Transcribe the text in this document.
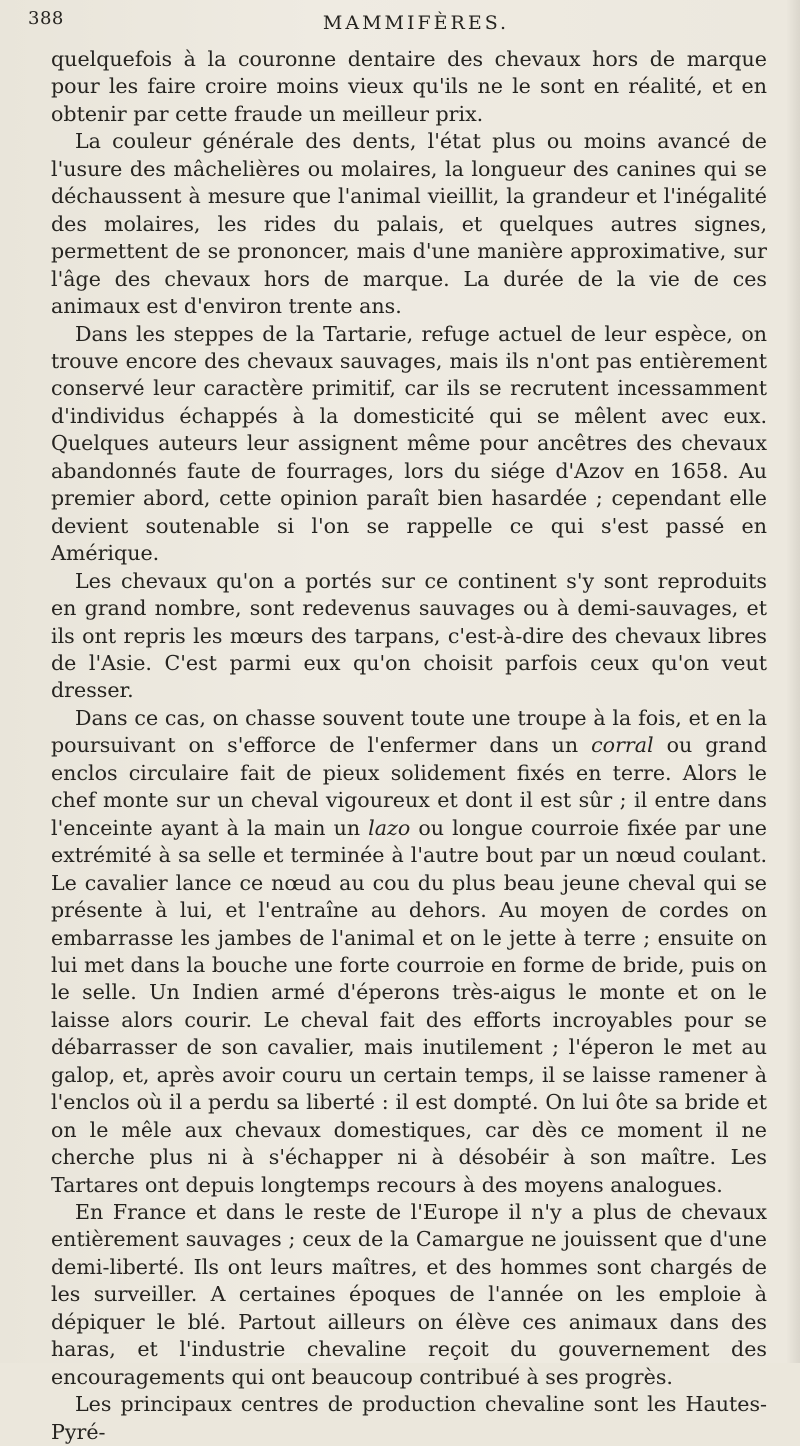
388	MAMMIFÈRES.

quelquefois à la couronne dentaire des chevaux hors de marque pour les faire croire moins vieux qu'ils ne le sont en réalité, et en obtenir par cette fraude un meilleur prix.

La couleur générale des dents, l'état plus ou moins avancé de l'usure des mâchelières ou molaires, la longueur des canines qui se déchaussent à mesure que l'animal vieillit, la grandeur et l'inégalité des molaires, les rides du palais, et quelques autres signes, permettent de se prononcer, mais d'une manière approximative, sur l'âge des chevaux hors de marque. La durée de la vie de ces animaux est d'environ trente ans.

Dans les steppes de la Tartarie, refuge actuel de leur espèce, on trouve encore des chevaux sauvages, mais ils n'ont pas entièrement conservé leur caractère primitif, car ils se recrutent incessamment d'individus échappés à la domesticité qui se mêlent avec eux. Quelques auteurs leur assignent même pour ancêtres des chevaux abandonnés faute de fourrages, lors du siége d'Azov en 1658. Au premier abord, cette opinion paraît bien hasardée ; cependant elle devient soutenable si l'on se rappelle ce qui s'est passé en Amérique.

Les chevaux qu'on a portés sur ce continent s'y sont reproduits en grand nombre, sont redevenus sauvages ou à demi-sauvages, et ils ont repris les mœurs des tarpans, c'est-à-dire des chevaux libres de l'Asie. C'est parmi eux qu'on choisit parfois ceux qu'on veut dresser.

Dans ce cas, on chasse souvent toute une troupe à la fois, et en la poursuivant on s'efforce de l'enfermer dans un corral ou grand enclos circulaire fait de pieux solidement fixés en terre. Alors le chef monte sur un cheval vigoureux et dont il est sûr ; il entre dans l'enceinte ayant à la main un lazo ou longue courroie fixée par une extrémité à sa selle et terminée à l'autre bout par un nœud coulant. Le cavalier lance ce nœud au cou du plus beau jeune cheval qui se présente à lui, et l'entraîne au dehors. Au moyen de cordes on embarrasse les jambes de l'animal et on le jette à terre ; ensuite on lui met dans la bouche une forte courroie en forme de bride, puis on le selle. Un Indien armé d'éperons très-aigus le monte et on le laisse alors courir. Le cheval fait des efforts incroyables pour se débarrasser de son cavalier, mais inutilement ; l'éperon le met au galop, et, après avoir couru un certain temps, il se laisse ramener à l'enclos où il a perdu sa liberté : il est dompté. On lui ôte sa bride et on le mêle aux chevaux domestiques, car dès ce moment il ne cherche plus ni à s'échapper ni à désobéir à son maître. Les Tartares ont depuis longtemps recours à des moyens analogues.

En France et dans le reste de l'Europe il n'y a plus de chevaux entièrement sauvages ; ceux de la Camargue ne jouissent que d'une demi-liberté. Ils ont leurs maîtres, et des hommes sont chargés de les surveiller. A certaines époques de l'année on les emploie à dépiquer le blé. Partout ailleurs on élève ces animaux dans des haras, et l'industrie chevaline reçoit du gouvernement des encouragements qui ont beaucoup contribué à ses progrès.

Les principaux centres de production chevaline sont les Hautes-Pyré-
